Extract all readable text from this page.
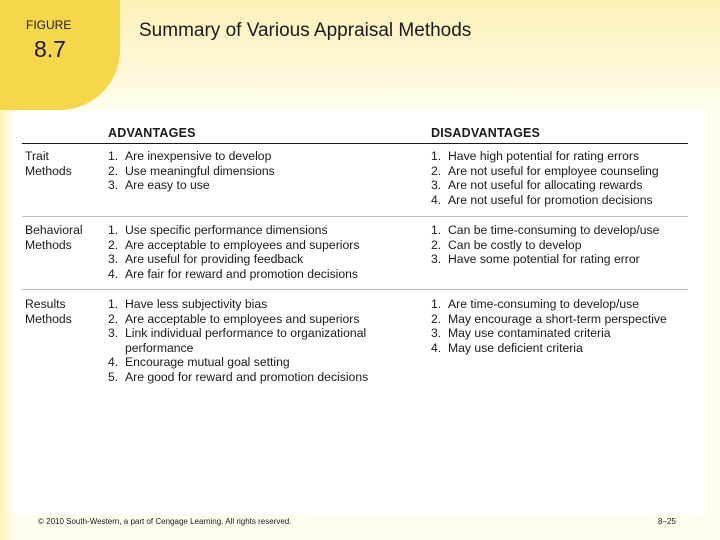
FIGURE
8.7
Summary of Various Appraisal Methods
ADVANTAGES	DISADVANTAGES
Trait
Methods
1. Are inexpensive to develop
2. Use meaningful dimensions
3. Are easy to use
1. Have high potential for rating errors
2. Are not useful for employee counseling
3. Are not useful for allocating rewards
4. Are not useful for promotion decisions
Behavioral
Methods
1. Use specific performance dimensions
2. Are acceptable to employees and superiors
3. Are useful for providing feedback
4. Are fair for reward and promotion decisions
1. Can be time-consuming to develop/use
2. Can be costly to develop
3. Have some potential for rating error
Results
Methods
1. Have less subjectivity bias
2. Are acceptable to employees and superiors
3. Link individual performance to organizational performance
4. Encourage mutual goal setting
5. Are good for reward and promotion decisions
1. Are time-consuming to develop/use
2. May encourage a short-term perspective
3. May use contaminated criteria
4. May use deficient criteria
© 2010 South-Western, a part of Cengage Learning. All rights reserved.	8–25
